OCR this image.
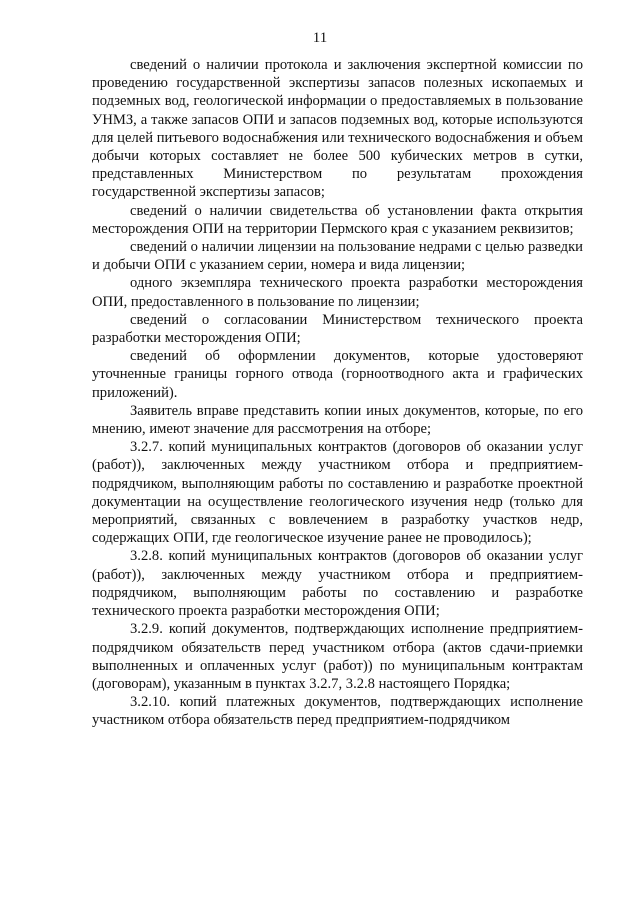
11

сведений о наличии протокола и заключения экспертной комиссии по проведению государственной экспертизы запасов полезных ископаемых и подземных вод, геологической информации о предоставляемых в пользование УНМЗ, а также запасов ОПИ и запасов подземных вод, которые используются для целей питьевого водоснабжения или технического водоснабжения и объем добычи которых составляет не более 500 кубических метров в сутки, представленных Министерством по результатам прохождения государственной экспертизы запасов;

сведений о наличии свидетельства об установлении факта открытия месторождения ОПИ на территории Пермского края с указанием реквизитов;

сведений о наличии лицензии на пользование недрами с целью разведки и добычи ОПИ с указанием серии, номера и вида лицензии;

одного экземпляра технического проекта разработки месторождения ОПИ, предоставленного в пользование по лицензии;

сведений о согласовании Министерством технического проекта разработки месторождения ОПИ;

сведений об оформлении документов, которые удостоверяют уточненные границы горного отвода (горноотводного акта и графических приложений).

Заявитель вправе представить копии иных документов, которые, по его мнению, имеют значение для рассмотрения на отборе;

3.2.7. копий муниципальных контрактов (договоров об оказании услуг (работ)), заключенных между участником отбора и предприятием-подрядчиком, выполняющим работы по составлению и разработке проектной документации на осуществление геологического изучения недр (только для мероприятий, связанных с вовлечением в разработку участков недр, содержащих ОПИ, где геологическое изучение ранее не проводилось);

3.2.8. копий муниципальных контрактов (договоров об оказании услуг (работ)), заключенных между участником отбора и предприятием-подрядчиком, выполняющим работы по составлению и разработке технического проекта разработки месторождения ОПИ;

3.2.9. копий документов, подтверждающих исполнение предприятием-подрядчиком обязательств перед участником отбора (актов сдачи-приемки выполненных и оплаченных услуг (работ)) по муниципальным контрактам (договорам), указанным в пунктах 3.2.7, 3.2.8 настоящего Порядка;

3.2.10. копий платежных документов, подтверждающих исполнение участником отбора обязательств перед предприятием-подрядчиком
